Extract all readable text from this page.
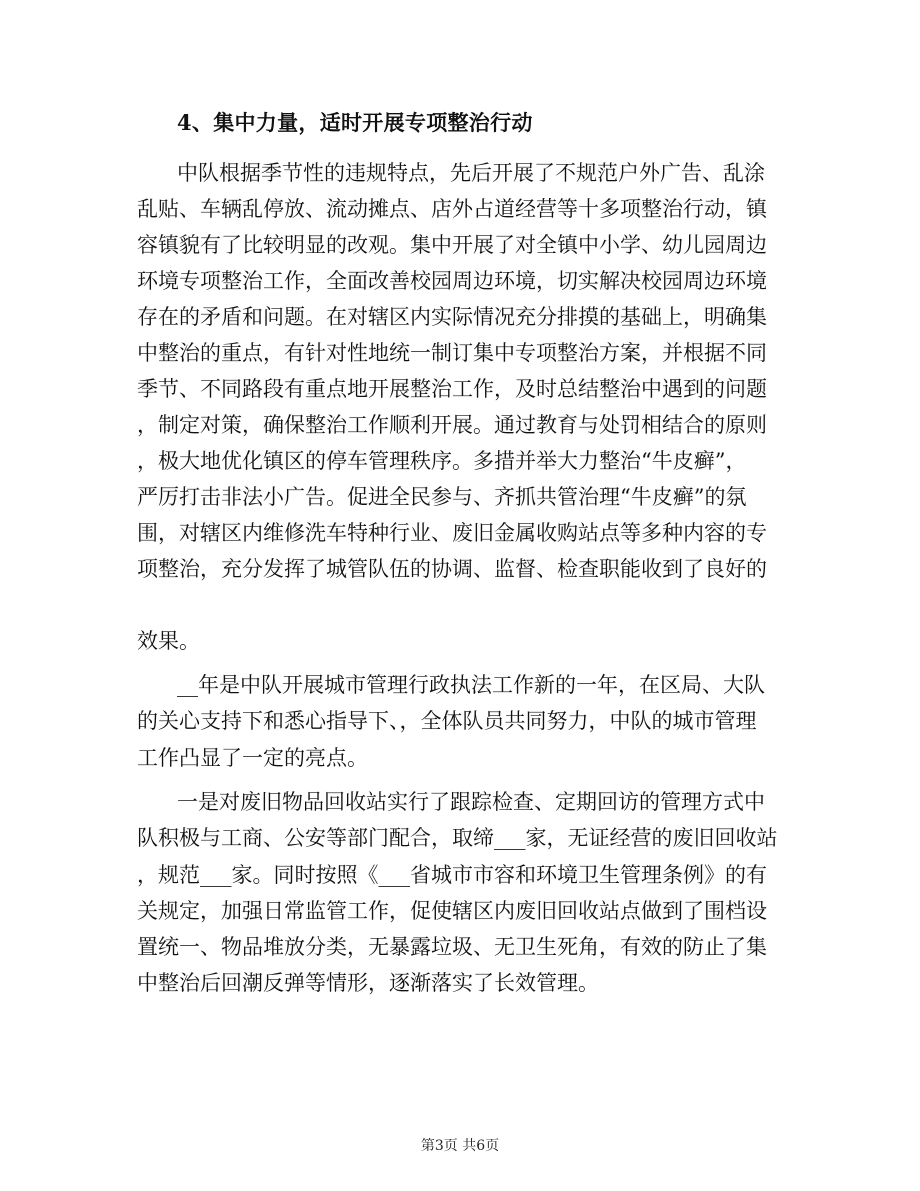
4、集中力量，适时开展专项整治行动
中队根据季节性的违规特点，先后开展了不规范户外广告、乱涂
乱贴、车辆乱停放、流动摊点、店外占道经营等十多项整治行动，镇
容镇貌有了比较明显的改观。集中开展了对全镇中小学、幼儿园周边
环境专项整治工作，全面改善校园周边环境，切实解决校园周边环境
存在的矛盾和问题。在对辖区内实际情况充分排摸的基础上，明确集
中整治的重点，有针对性地统一制订集中专项整治方案，并根据不同
季节、不同路段有重点地开展整治工作，及时总结整治中遇到的问题
，制定对策，确保整治工作顺利开展。通过教育与处罚相结合的原则
，极大地优化镇区的停车管理秩序。多措并举大力整治“牛皮癣”，
严厉打击非法小广告。促进全民参与、齐抓共管治理“牛皮癣”的氛
围，对辖区内维修洗车特种行业、废旧金属收购站点等多种内容的专
项整治，充分发挥了城管队伍的协调、监督、检查职能收到了良好的
效果。
__年是中队开展城市管理行政执法工作新的一年，在区局、大队
的关心支持下和悉心指导下、，全体队员共同努力，中队的城市管理
工作凸显了一定的亮点。
一是对废旧物品回收站实行了跟踪检查、定期回访的管理方式中
队积极与工商、公安等部门配合，取缔___家，无证经营的废旧回收站
，规范___家。同时按照《___省城市市容和环境卫生管理条例》的有
关规定，加强日常监管工作，促使辖区内废旧回收站点做到了围档设
置统一、物品堆放分类，无暴露垃圾、无卫生死角，有效的防止了集
中整治后回潮反弹等情形，逐渐落实了长效管理。
第3页 共6页
